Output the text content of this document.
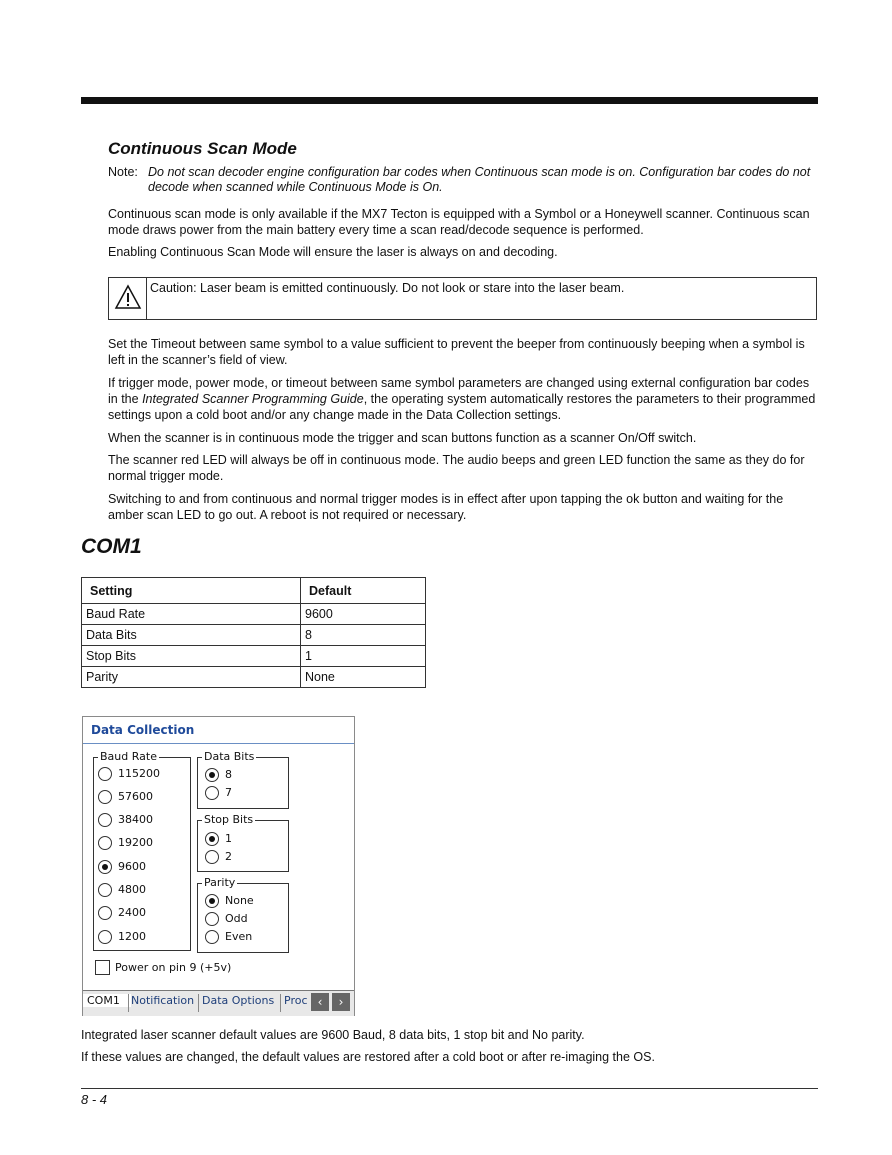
Continuous Scan Mode
Note: Do not scan decoder engine configuration bar codes when Continuous scan mode is on. Configuration bar codes do not decode when scanned while Continuous Mode is On.

Continuous scan mode is only available if the MX7 Tecton is equipped with a Symbol or a Honeywell scanner. Continuous scan mode draws power from the main battery every time a scan read/decode sequence is performed.

Enabling Continuous Scan Mode will ensure the laser is always on and decoding.

Caution: Laser beam is emitted continuously. Do not look or stare into the laser beam.

Set the Timeout between same symbol to a value sufficient to prevent the beeper from continuously beeping when a symbol is left in the scanner’s field of view.

If trigger mode, power mode, or timeout between same symbol parameters are changed using external configuration bar codes in the Integrated Scanner Programming Guide, the operating system automatically restores the parameters to their programmed settings upon a cold boot and/or any change made in the Data Collection settings.

When the scanner is in continuous mode the trigger and scan buttons function as a scanner On/Off switch.

The scanner red LED will always be off in continuous mode. The audio beeps and green LED function the same as they do for normal trigger mode.

Switching to and from continuous and normal trigger modes is in effect after upon tapping the ok button and waiting for the amber scan LED to go out. A reboot is not required or necessary.

COM1
Setting	Default
Baud Rate	9600
Data Bits	8
Stop Bits	1
Parity	None
Data Collection
Baud Rate
115200
57600
38400
19200
9600
4800
2400
1200
Data Bits
8
7
Stop Bits
1
2
Parity
None
Odd
Even
Power on pin 9 (+5v)
COM1	Notification Data Options Proc ‹	›

Integrated laser scanner default values are 9600 Baud, 8 data bits, 1 stop bit and No parity.

If these values are changed, the default values are restored after a cold boot or after re-imaging the OS.

8 - 4
